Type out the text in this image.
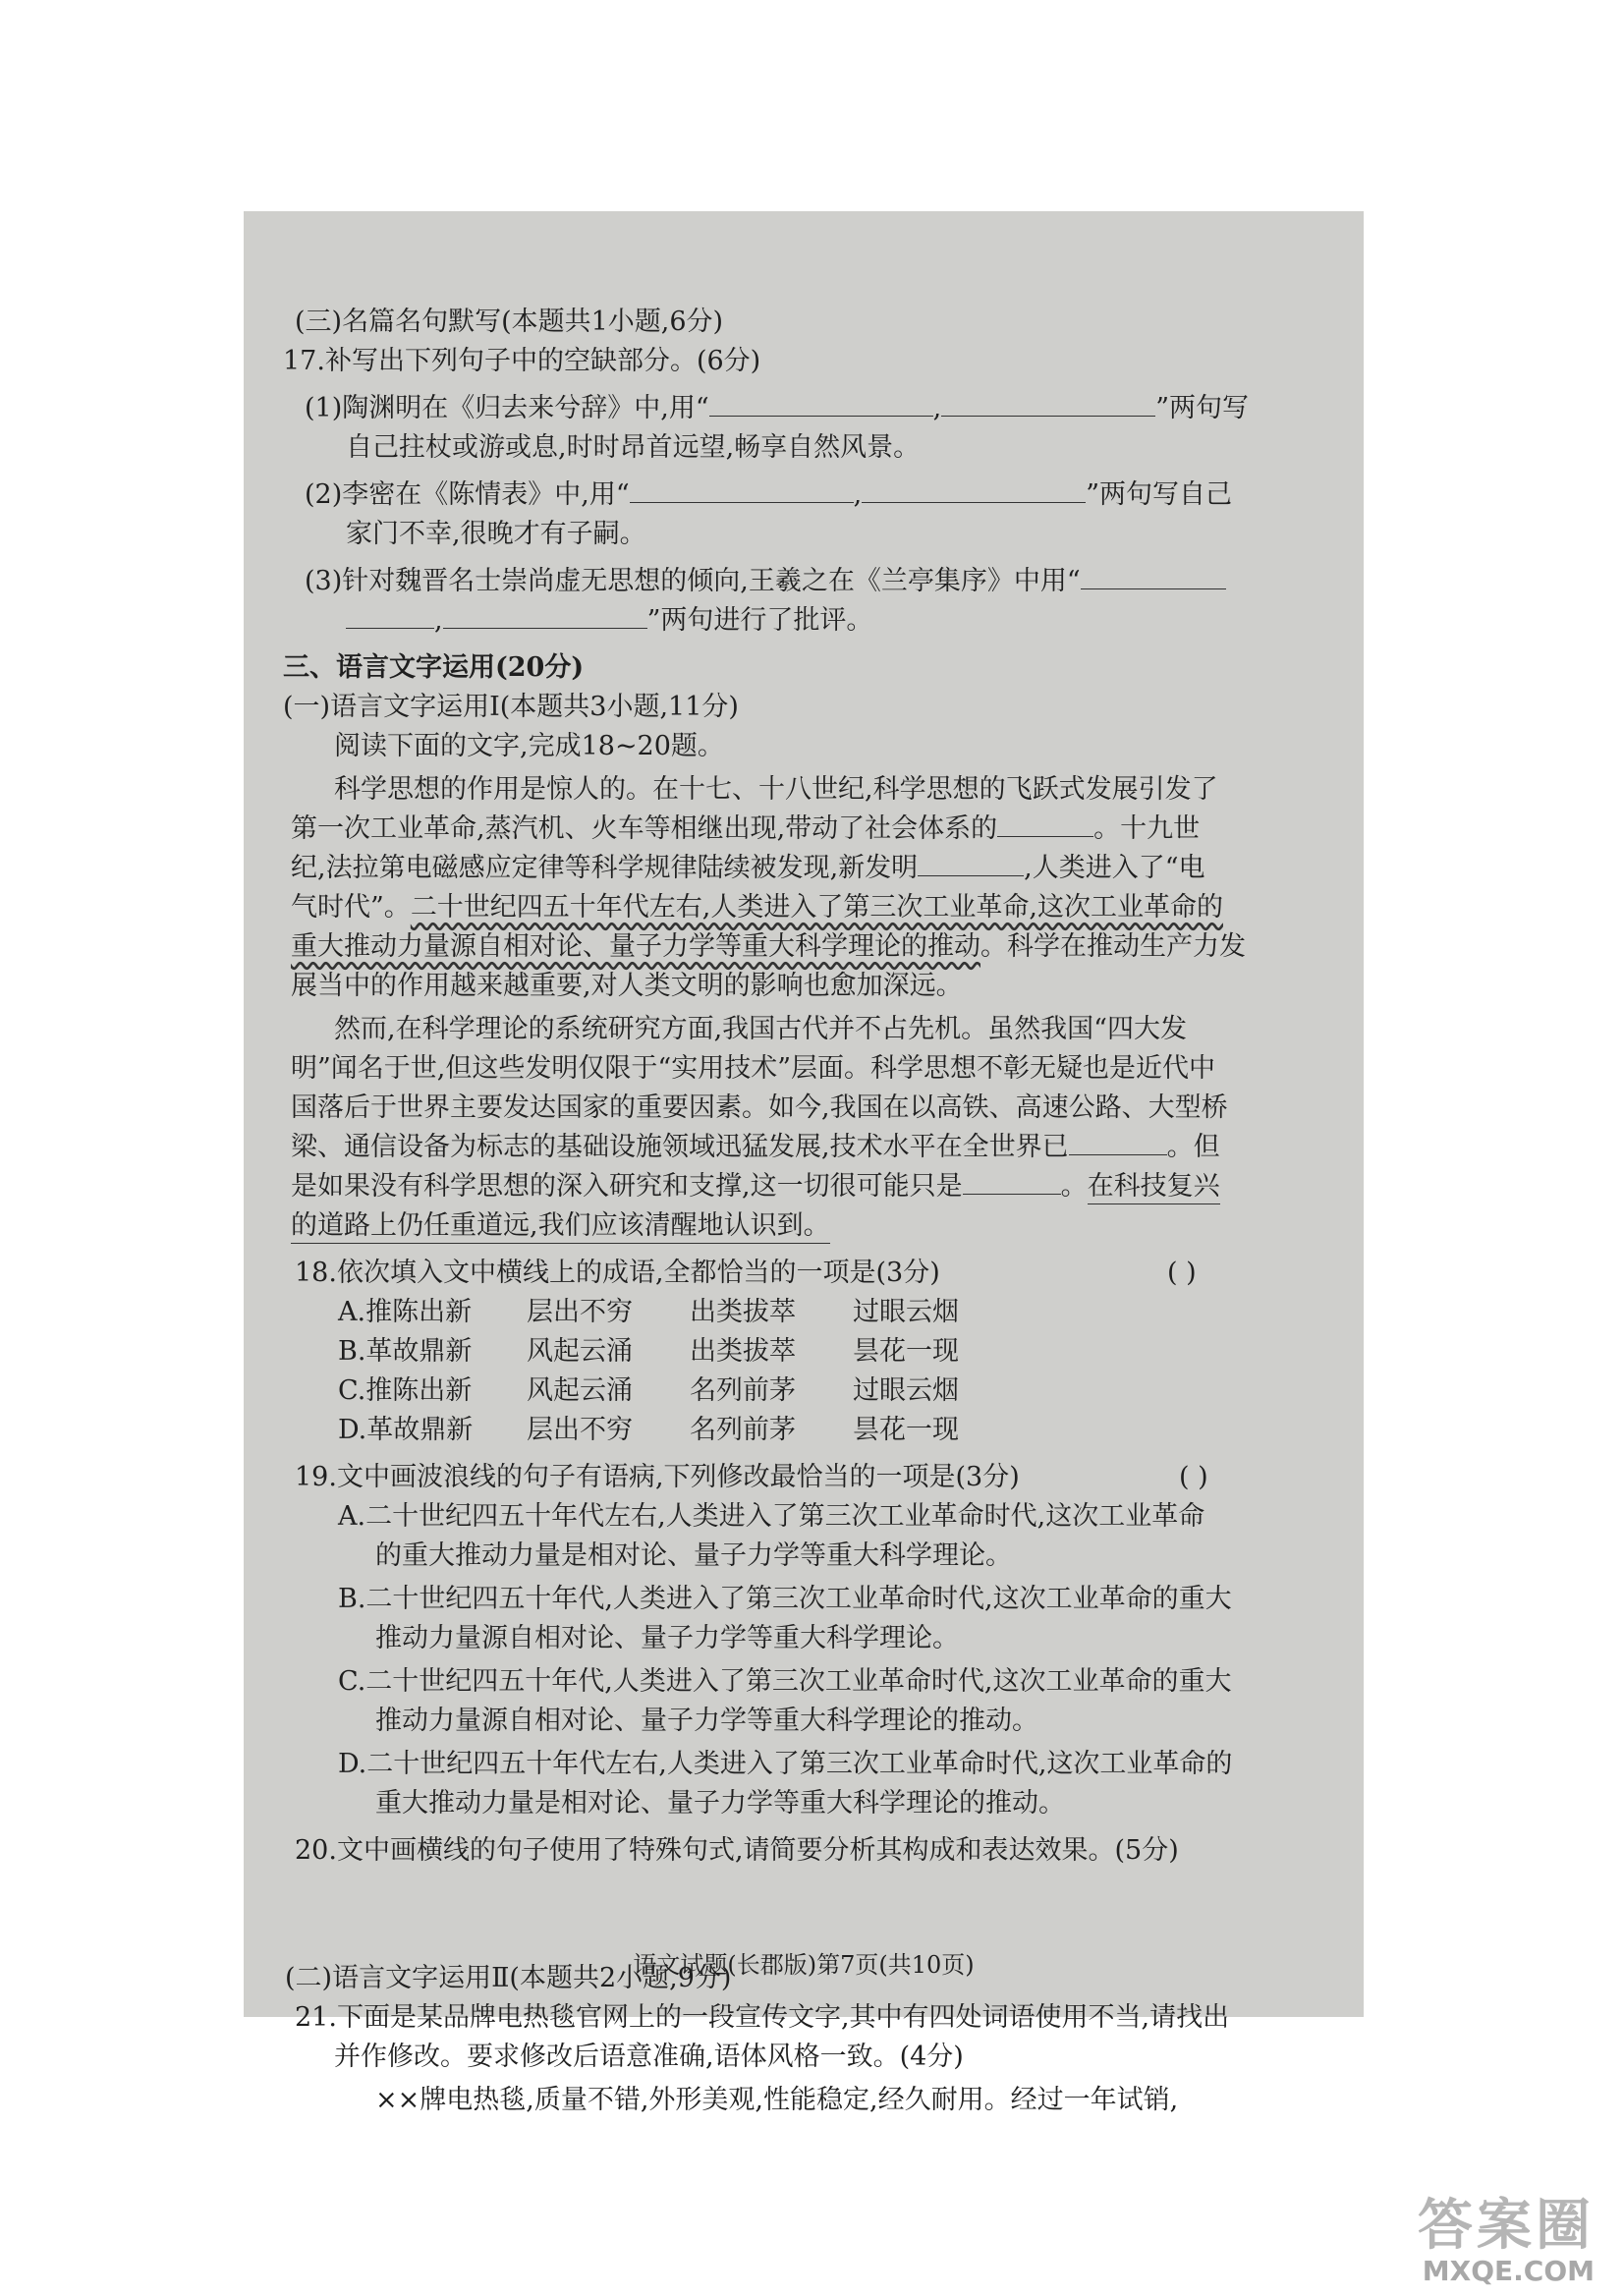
(三)名篇名句默写(本题共1小题,6分)
17.补写出下列句子中的空缺部分。(6分)
(1)陶渊明在《归去来兮辞》中,用“	,	”两句写
自己拄杖或游或息,时时昂首远望,畅享自然风景。
(2)李密在《陈情表》中,用“	,	”两句写自己
家门不幸,很晚才有子嗣。
(3)针对魏晋名士崇尚虚无思想的倾向,王羲之在《兰亭集序》中用“
,	”两句进行了批评。
三、语言文字运用(20分)
(一)语言文字运用Ⅰ(本题共3小题,11分)
阅读下面的文字,完成18~20题。
科学思想的作用是惊人的。在十七、十八世纪,科学思想的飞跃式发展引发了
第一次工业革命,蒸汽机、火车等相继出现,带动了社会体系的	。十九世
纪,法拉第电磁感应定律等科学规律陆续被发现,新发明	,人类进入了“电
气时代”。二十世纪四五十年代左右,人类进入了第三次工业革命,这次工业革命的
重大推动力量源自相对论、量子力学等重大科学理论的推动。科学在推动生产力发
展当中的作用越来越重要,对人类文明的影响也愈加深远。
然而,在科学理论的系统研究方面,我国古代并不占先机。虽然我国“四大发
明”闻名于世,但这些发明仅限于“实用技术”层面。科学思想不彰无疑也是近代中
国落后于世界主要发达国家的重要因素。如今,我国在以高铁、高速公路、大型桥
梁、通信设备为标志的基础设施领域迅猛发展,技术水平在全世界已	。但
是如果没有科学思想的深入研究和支撑,这一切很可能只是	。在科技复兴
的道路上仍任重道远,我们应该清醒地认识到。
18.依次填入文中横线上的成语,全都恰当的一项是(3分)	( )
A.推陈出新 层出不穷 出类拔萃 过眼云烟
B.革故鼎新 风起云涌 出类拔萃 昙花一现
C.推陈出新 风起云涌 名列前茅 过眼云烟
D.革故鼎新 层出不穷 名列前茅 昙花一现
19.文中画波浪线的句子有语病,下列修改最恰当的一项是(3分)	( )
A.二十世纪四五十年代左右,人类进入了第三次工业革命时代,这次工业革命
的重大推动力量是相对论、量子力学等重大科学理论。
B.二十世纪四五十年代,人类进入了第三次工业革命时代,这次工业革命的重大
推动力量源自相对论、量子力学等重大科学理论。
C.二十世纪四五十年代,人类进入了第三次工业革命时代,这次工业革命的重大
推动力量源自相对论、量子力学等重大科学理论的推动。
D.二十世纪四五十年代左右,人类进入了第三次工业革命时代,这次工业革命的
重大推动力量是相对论、量子力学等重大科学理论的推动。
20.文中画横线的句子使用了特殊句式,请简要分析其构成和表达效果。(5分)
(二)语言文字运用Ⅱ(本题共2小题,9分)
21.下面是某品牌电热毯官网上的一段宣传文字,其中有四处词语使用不当,请找出
并作修改。要求修改后语意准确,语体风格一致。(4分)
××牌电热毯,质量不错,外形美观,性能稳定,经久耐用。经过一年试销,
语文试题(长郡版)第7页(共10页)
答案圈
MXQE.COM
